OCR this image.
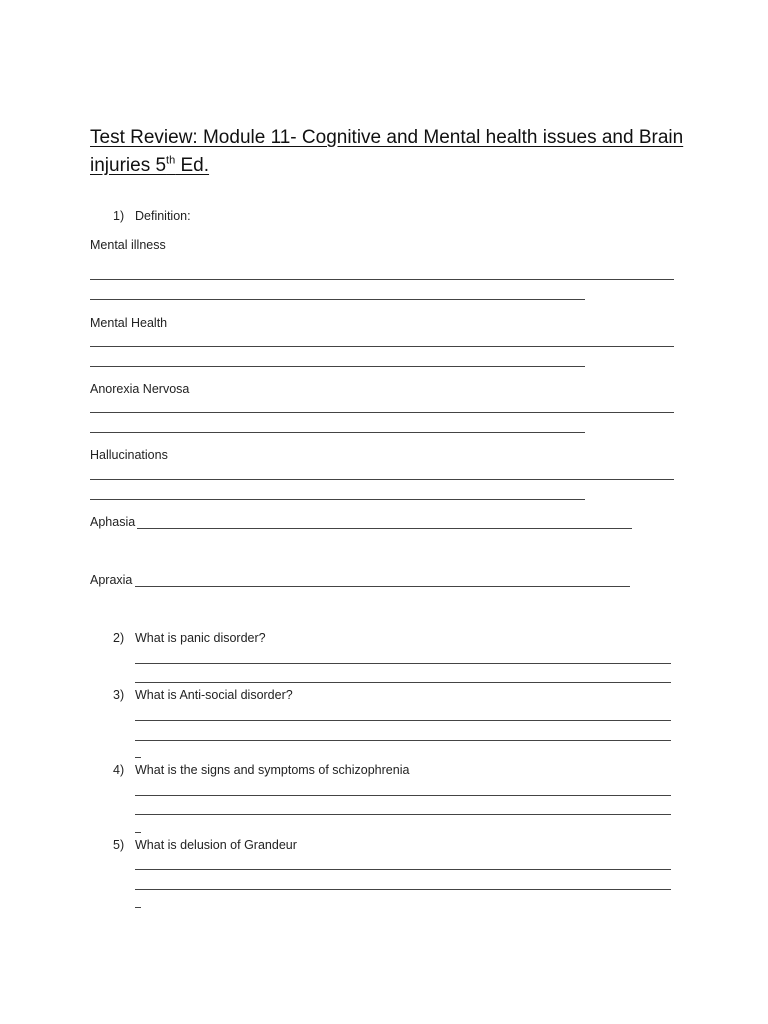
Test Review: Module 11- Cognitive and Mental health issues and Brain injuries 5th Ed.
1) Definition:
Mental illness
Mental Health
Anorexia Nervosa
Hallucinations
Aphasia
Apraxia
2) What is panic disorder?
3) What is Anti-social disorder?
4) What is the signs and symptoms of schizophrenia
5) What is delusion of Grandeur
